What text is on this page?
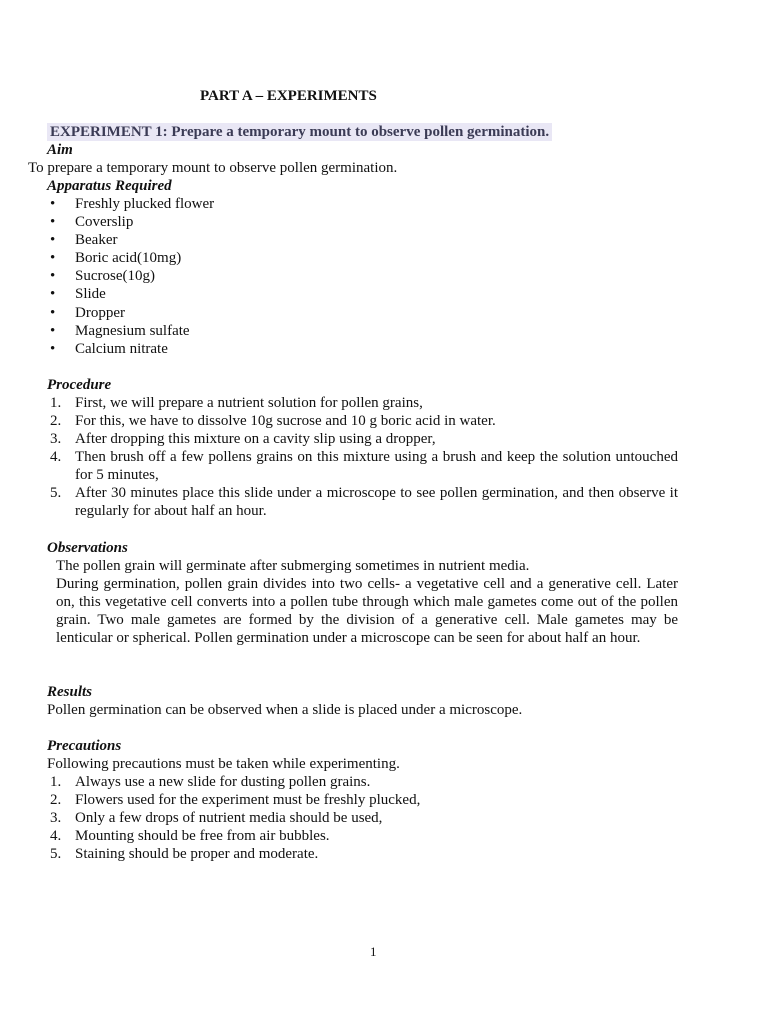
PART A – EXPERIMENTS
EXPERIMENT 1: Prepare a temporary mount to observe pollen germination.
Aim
To prepare a temporary mount to observe pollen germination.
Apparatus Required
• Freshly plucked flower
• Coverslip
• Beaker
• Boric acid(10mg)
• Sucrose(10g)
• Slide
• Dropper
• Magnesium sulfate
• Calcium nitrate
Procedure
1. First, we will prepare a nutrient solution for pollen grains,
2. For this, we have to dissolve 10g sucrose and 10 g boric acid in water.
3. After dropping this mixture on a cavity slip using a dropper,
4. Then brush off a few pollens grains on this mixture using a brush and keep the solution untouched for 5 minutes,
5. After 30 minutes place this slide under a microscope to see pollen germination, and then observe it regularly for about half an hour.
Observations
The pollen grain will germinate after submerging sometimes in nutrient media.
During germination, pollen grain divides into two cells- a vegetative cell and a generative cell. Later on, this vegetative cell converts into a pollen tube through which male gametes come out of the pollen grain. Two male gametes are formed by the division of a generative cell. Male gametes may be lenticular or spherical. Pollen germination under a microscope can be seen for about half an hour.
Results
Pollen germination can be observed when a slide is placed under a microscope.
Precautions
Following precautions must be taken while experimenting.
1. Always use a new slide for dusting pollen grains.
2. Flowers used for the experiment must be freshly plucked,
3. Only a few drops of nutrient media should be used,
4. Mounting should be free from air bubbles.
5. Staining should be proper and moderate.
1
